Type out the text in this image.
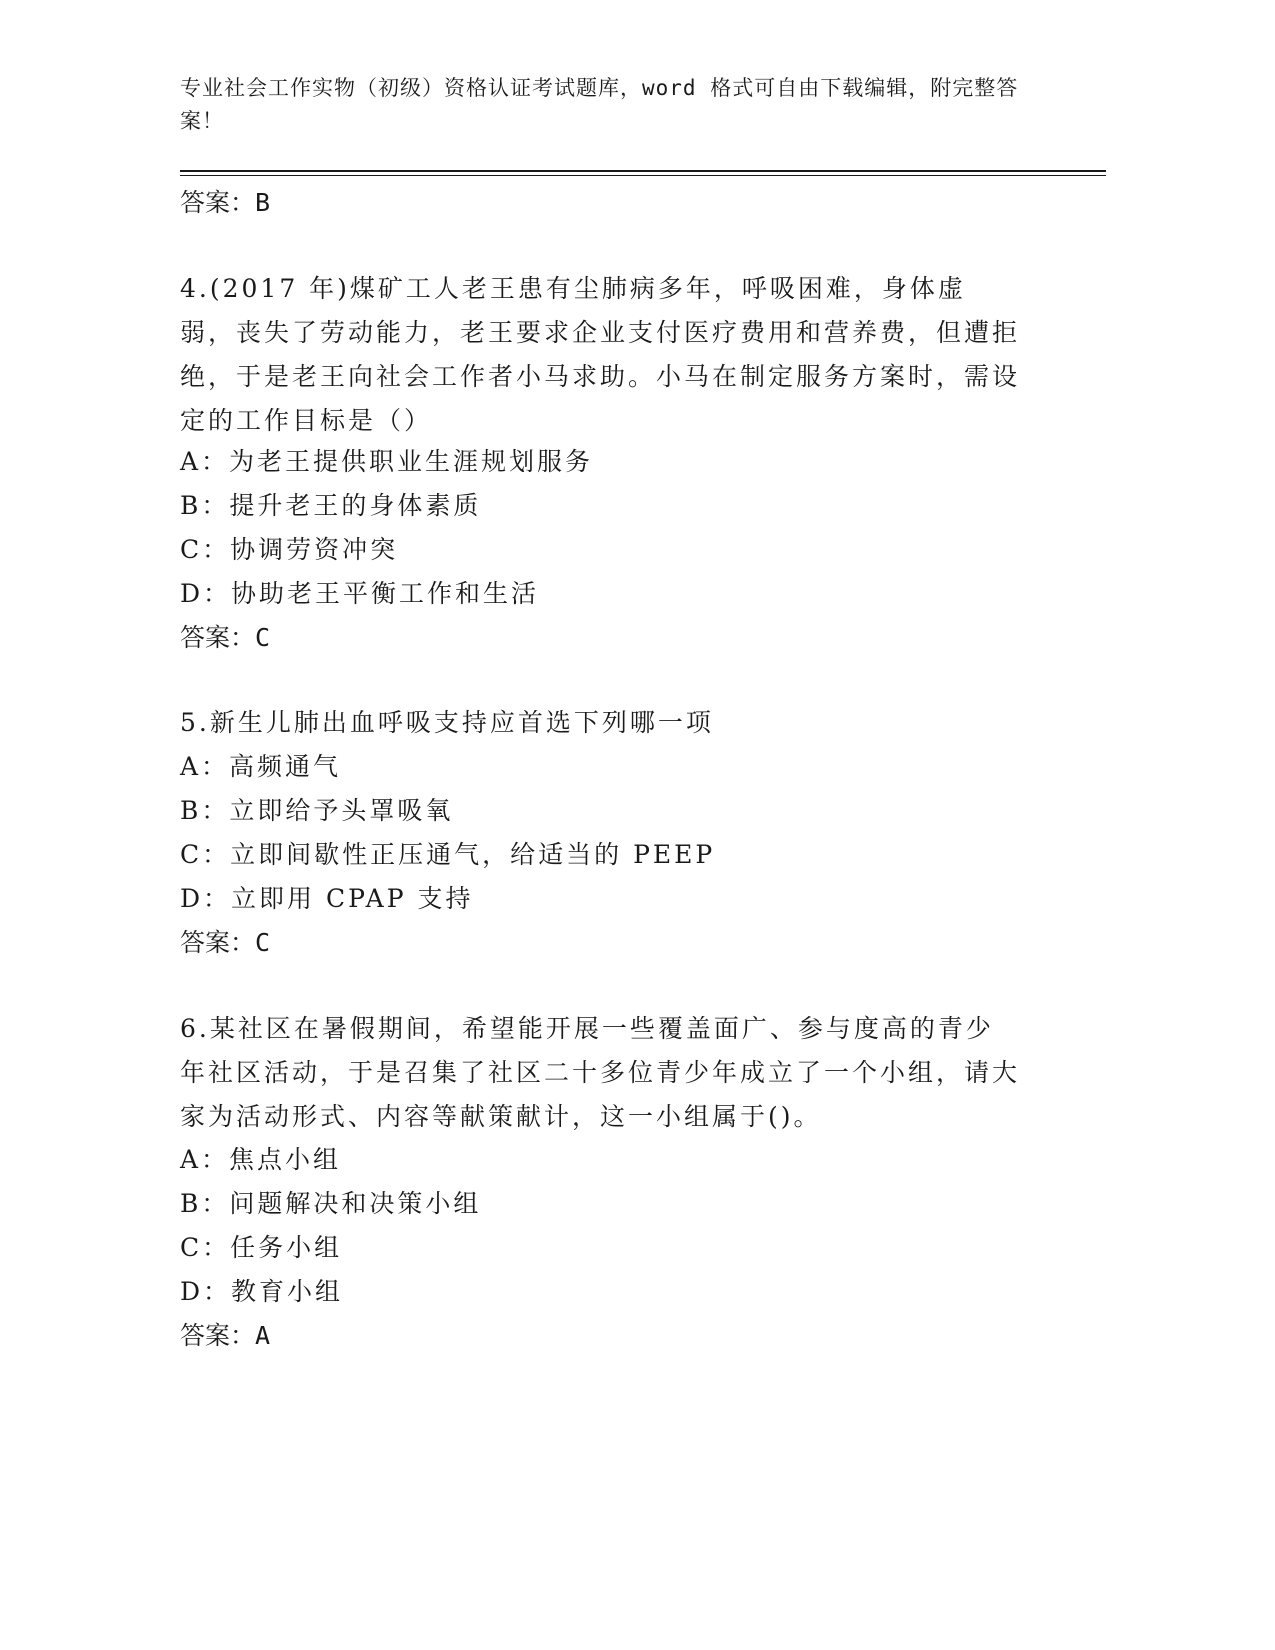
专业社会工作实物（初级）资格认证考试题库，word 格式可自由下载编辑，附完整答案！
答案：B
4.(2017 年)煤矿工人老王患有尘肺病多年，呼吸困难，身体虚弱，丧失了劳动能力，老王要求企业支付医疗费用和营养费，但遭拒绝，于是老王向社会工作者小马求助。小马在制定服务方案时，需设定的工作目标是（）
A：为老王提供职业生涯规划服务
B：提升老王的身体素质
C：协调劳资冲突
D：协助老王平衡工作和生活
答案：C
5.新生儿肺出血呼吸支持应首选下列哪一项
A：高频通气
B：立即给予头罩吸氧
C：立即间歇性正压通气，给适当的 PEEP
D：立即用 CPAP 支持
答案：C
6.某社区在暑假期间，希望能开展一些覆盖面广、参与度高的青少年社区活动，于是召集了社区二十多位青少年成立了一个小组，请大家为活动形式、内容等献策献计，这一小组属于()。
A：焦点小组
B：问题解决和决策小组
C：任务小组
D：教育小组
答案：A
